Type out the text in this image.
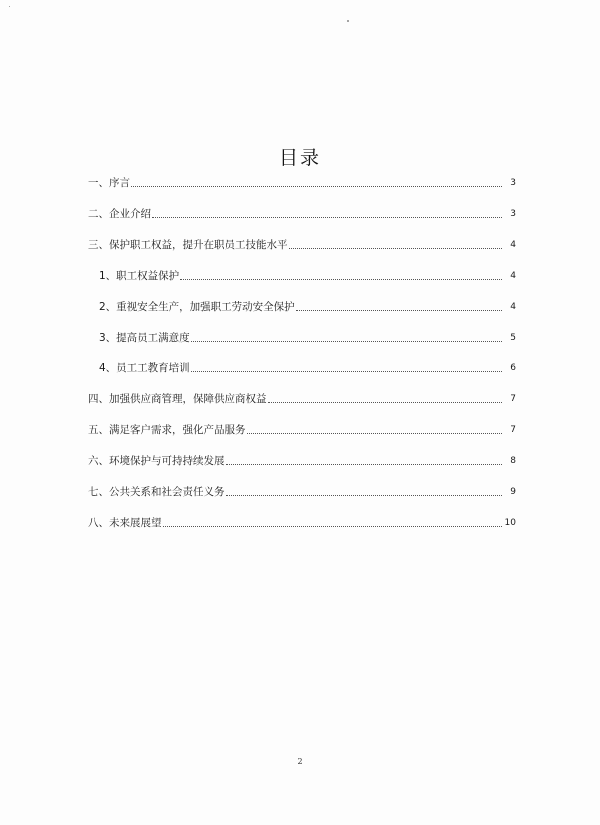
目录
一、序言	3
二、企业介绍	3
三、保护职工权益，提升在职员工技能水平	4
1、职工权益保护	4
2、重视安全生产，加强职工劳动安全保护	4
3、提高员工满意度	5
4、员工工教育培训	6
四、加强供应商管理，保障供应商权益	7
五、满足客户需求，强化产品服务	7
六、环境保护与可持持续发展	8
七、公共关系和社会责任义务	9
八、未来展展望	10
2
